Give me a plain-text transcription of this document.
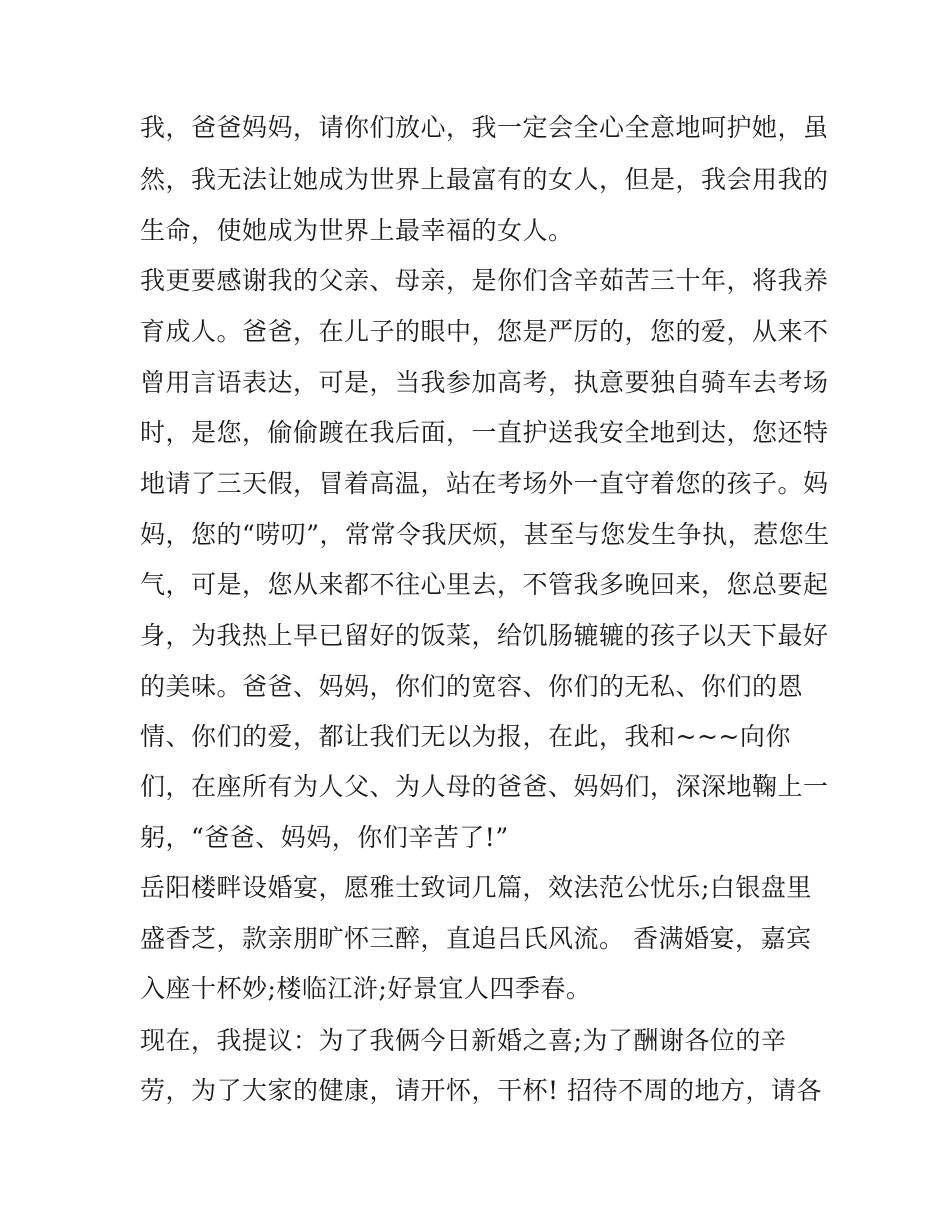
我，爸爸妈妈，请你们放心，我一定会全心全意地呵护她，虽
然，我无法让她成为世界上最富有的女人，但是，我会用我的
生命，使她成为世界上最幸福的女人。
我更要感谢我的父亲、母亲，是你们含辛茹苦三十年，将我养
育成人。爸爸，在儿子的眼中，您是严厉的，您的爱，从来不
曾用言语表达，可是，当我参加高考，执意要独自骑车去考场
时，是您，偷偷踱在我后面，一直护送我安全地到达，您还特
地请了三天假，冒着高温，站在考场外一直守着您的孩子。妈
妈，您的“唠叨”，常常令我厌烦，甚至与您发生争执，惹您生
气，可是，您从来都不往心里去，不管我多晚回来，您总要起
身，为我热上早已留好的饭菜，给饥肠辘辘的孩子以天下最好
的美味。爸爸、妈妈，你们的宽容、你们的无私、你们的恩
情、你们的爱，都让我们无以为报，在此，我和~~~向你
们，在座所有为人父、为人母的爸爸、妈妈们，深深地鞠上一
躬，“爸爸、妈妈，你们辛苦了!”
岳阳楼畔设婚宴，愿雅士致词几篇，效法范公忧乐;白银盘里
盛香芝，款亲朋旷怀三醉，直追吕氏风流。 香满婚宴，嘉宾
入座十杯妙;楼临江浒;好景宜人四季春。
现在，我提议：为了我俩今日新婚之喜;为了酬谢各位的辛
劳，为了大家的健康，请开怀，干杯! 招待不周的地方，请各
